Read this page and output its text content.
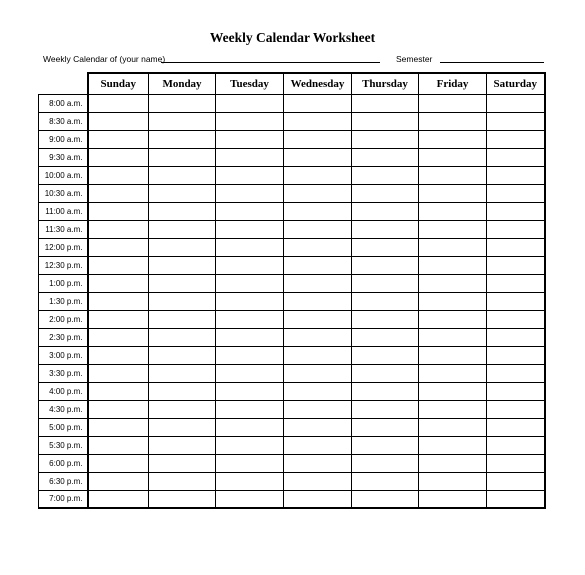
Weekly Calendar Worksheet
Weekly Calendar of (your name)	Semester
	Sunday	Monday	Tuesday	Wednesday	Thursday	Friday	Saturday
8:00 a.m.							
8:30 a.m.							
9:00 a.m.							
9:30 a.m.							
10:00 a.m.							
10:30 a.m.							
11:00 a.m.							
11:30 a.m.							
12:00 p.m.							
12:30 p.m.							
1:00 p.m.							
1:30 p.m.							
2:00 p.m.							
2:30 p.m.							
3:00 p.m.							
3:30 p.m.							
4:00 p.m.							
4:30 p.m.							
5:00 p.m.							
5:30 p.m.							
6:00 p.m.							
6:30 p.m.							
7:00 p.m.							
